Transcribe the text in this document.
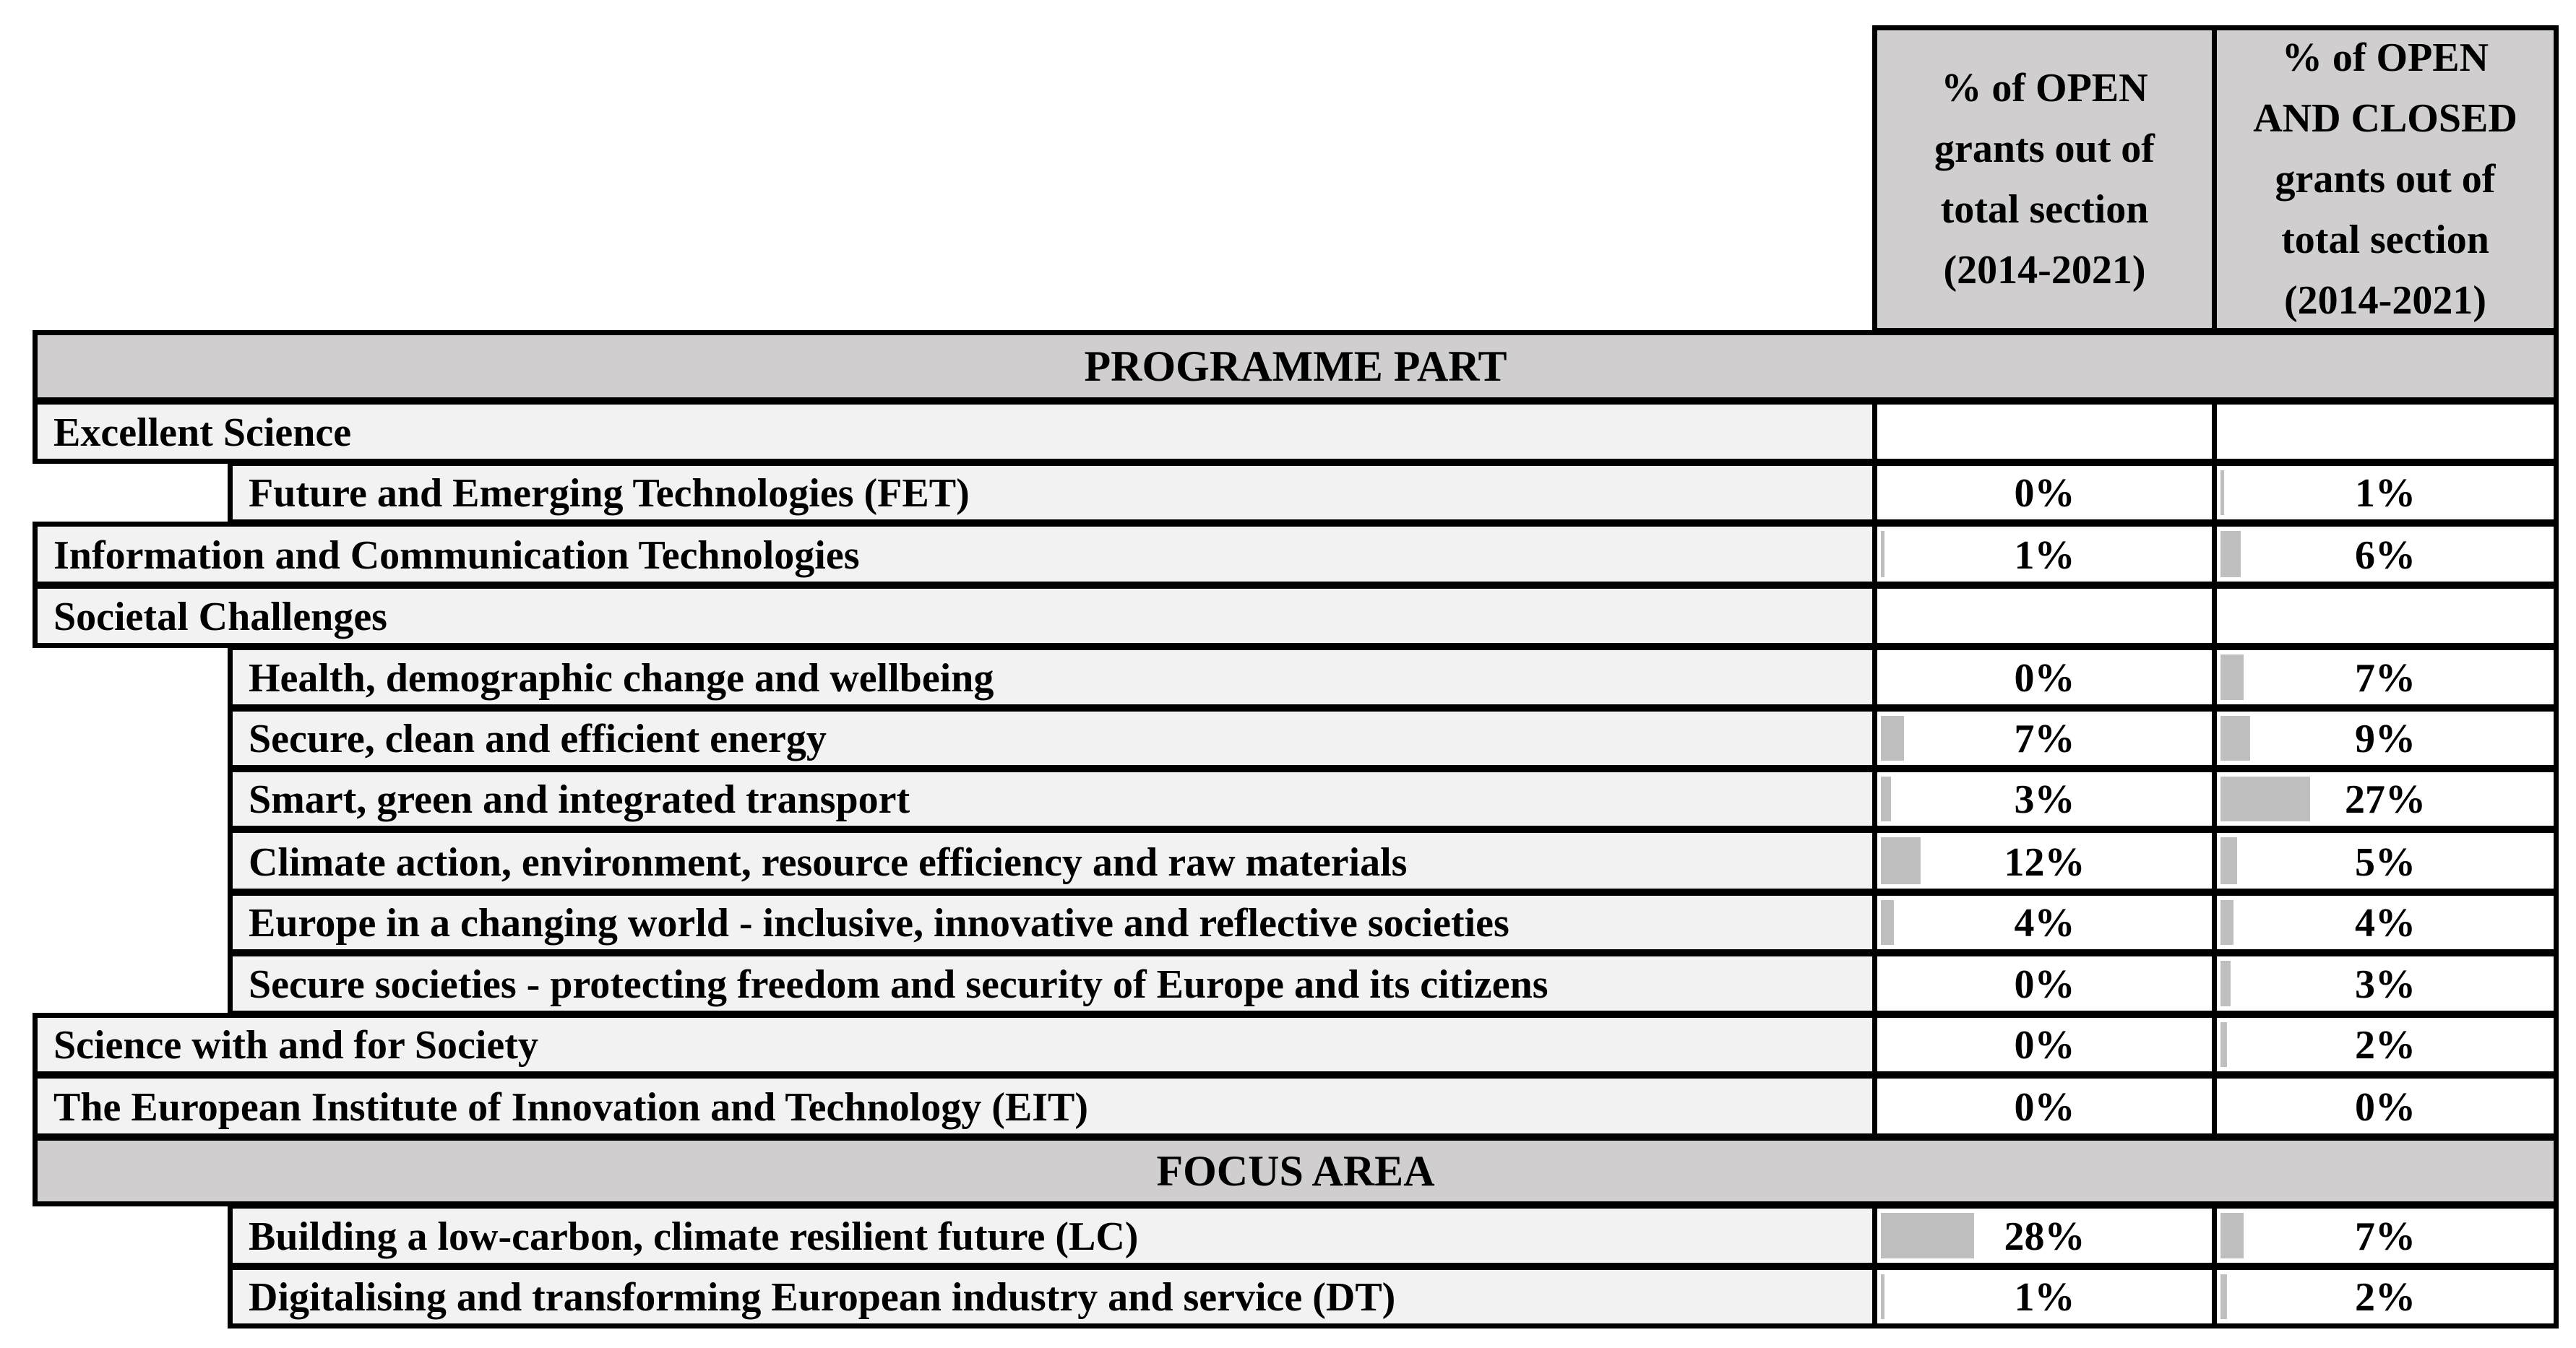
% of OPEN
grants out of
total section
(2014-2021)
% of OPEN
AND CLOSED
grants out of
total section
(2014-2021)
PROGRAMME PART
Excellent Science
Future and Emerging Technologies (FET)	0%	1%
Information and Communication Technologies	1%	6%
Societal Challenges
Health, demographic change and wellbeing	0%	7%
Secure, clean and efficient energy	7%	9%
Smart, green and integrated transport	3%	27%
Climate action, environment, resource efficiency and raw materials	12%	5%
Europe in a changing world - inclusive, innovative and reflective societies	4%	4%
Secure societies - protecting freedom and security of Europe and its citizens	0%	3%
Science with and for Society	0%	2%
The European Institute of Innovation and Technology (EIT)	0%	0%
FOCUS AREA
Building a low-carbon, climate resilient future (LC)	28%	7%
Digitalising and transforming European industry and service (DT)	1%	2%
